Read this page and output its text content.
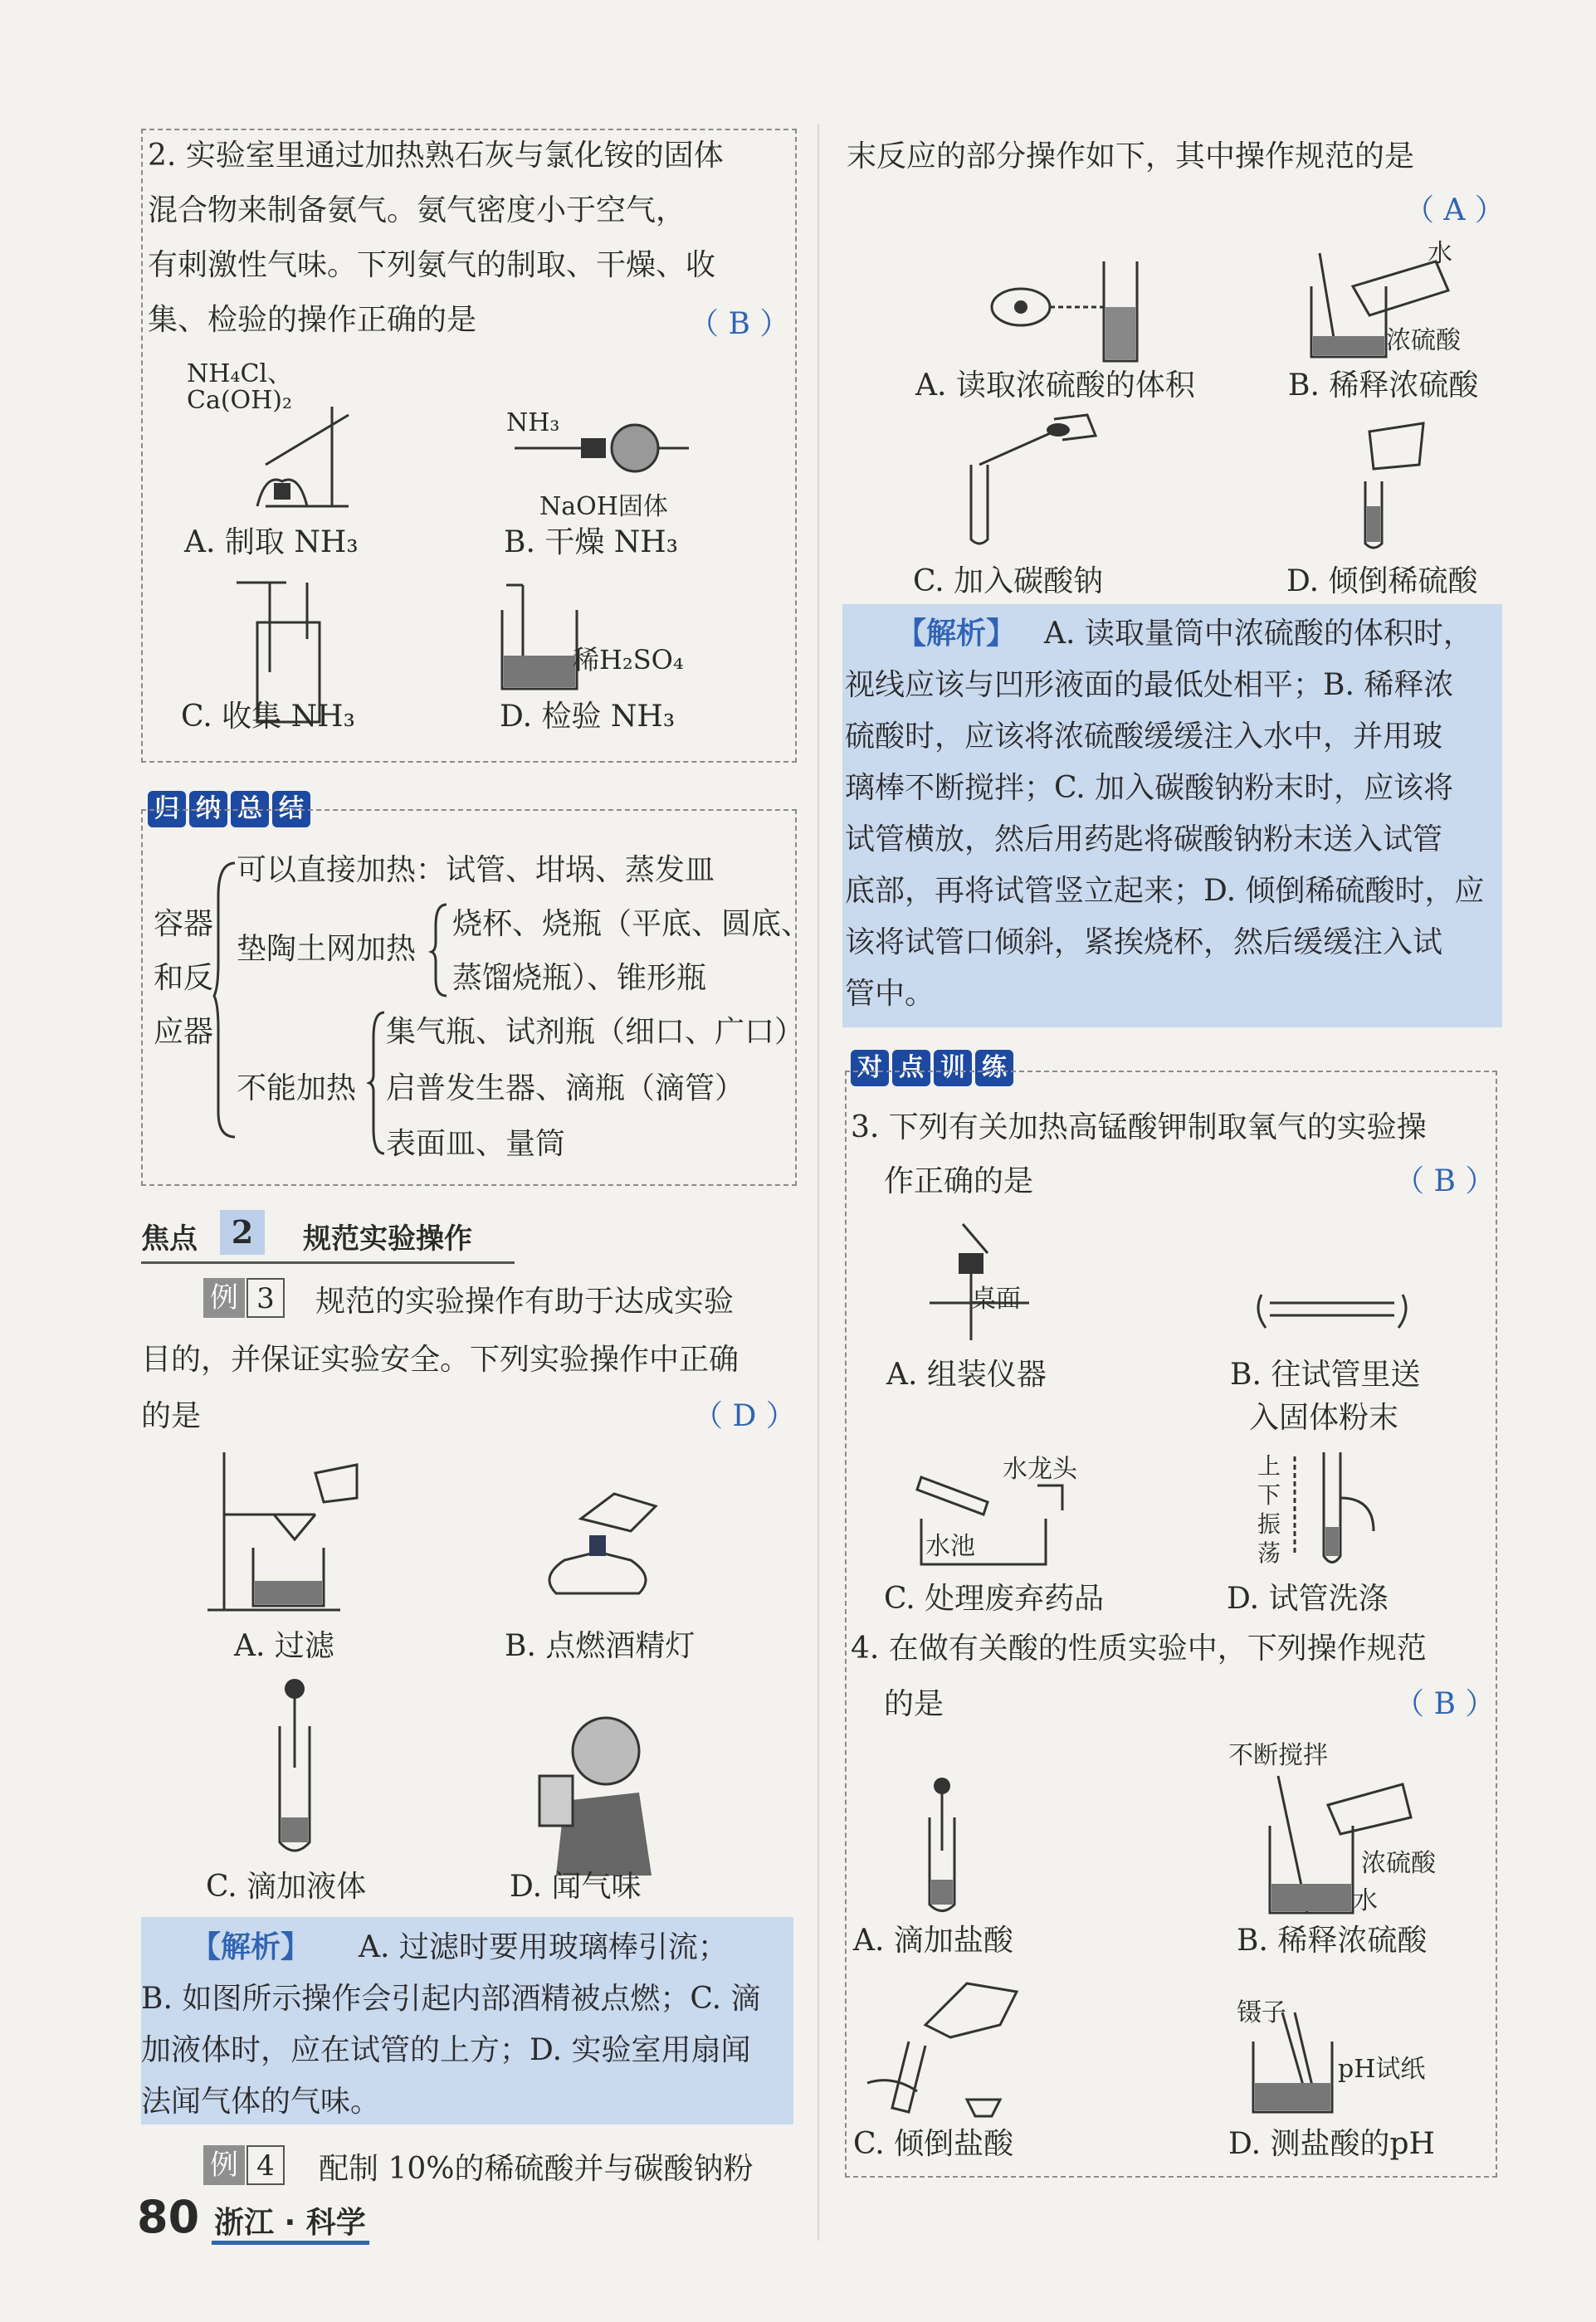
2. 实验室里通过加热熟石灰与氯化铵的固体
混合物来制备氨气。氨气密度小于空气，
有刺激性气味。下列氨气的制取、干燥、收
集、检验的操作正确的是	（ B ）
NH₄Cl、
Ca(OH)₂
NH₃
NaOH固体
A. 制取 NH₃	B. 干燥 NH₃
稀H₂SO₄
C. 收集 NH₃	D. 检验 NH₃
归 纳 总 结
容器
和反
应器
可以直接加热：试管、坩埚、蒸发皿
垫陶土网加热
烧杯、烧瓶（平底、圆底、
蒸馏烧瓶）、锥形瓶
不能加热
集气瓶、试剂瓶（细口、广口）
启普发生器、滴瓶（滴管）
表面皿、量筒
焦点	2	规范实验操作
例 3	规范的实验操作有助于达成实验
目的，并保证实验安全。下列实验操作中正确
的是	（ D ）
A. 过滤	B. 点燃酒精灯
C. 滴加液体	D. 闻气味
【解析】 A. 过滤时要用玻璃棒引流；
B. 如图所示操作会引起内部酒精被点燃；C. 滴
加液体时，应在试管的上方；D. 实验室用扇闻
法闻气体的气味。
例 4	配制 10%的稀硫酸并与碳酸钠粉
80 浙江 · 科学
末反应的部分操作如下，其中操作规范的是
（ A ）
水
浓硫酸
A. 读取浓硫酸的体积	B. 稀释浓硫酸
C. 加入碳酸钠	D. 倾倒稀硫酸
【解析】 A. 读取量筒中浓硫酸的体积时，
视线应该与凹形液面的最低处相平；B. 稀释浓
硫酸时，应该将浓硫酸缓缓注入水中，并用玻
璃棒不断搅拌；C. 加入碳酸钠粉末时，应该将
试管横放，然后用药匙将碳酸钠粉末送入试管
底部，再将试管竖立起来；D. 倾倒稀硫酸时，应
该将试管口倾斜，紧挨烧杯，然后缓缓注入试
管中。
对 点 训 练
3. 下列有关加热高锰酸钾制取氧气的实验操
作正确的是	（ B ）
桌面
A. 组装仪器	B. 往试管里送
入固体粉末
水龙头
水池
上
下
振
荡
C. 处理废弃药品	D. 试管洗涤
4. 在做有关酸的性质实验中，下列操作规范
的是	（ B ）
不断搅拌
浓硫酸
水
A. 滴加盐酸	B. 稀释浓硫酸
镊子
pH试纸
C. 倾倒盐酸	D. 测盐酸的pH
